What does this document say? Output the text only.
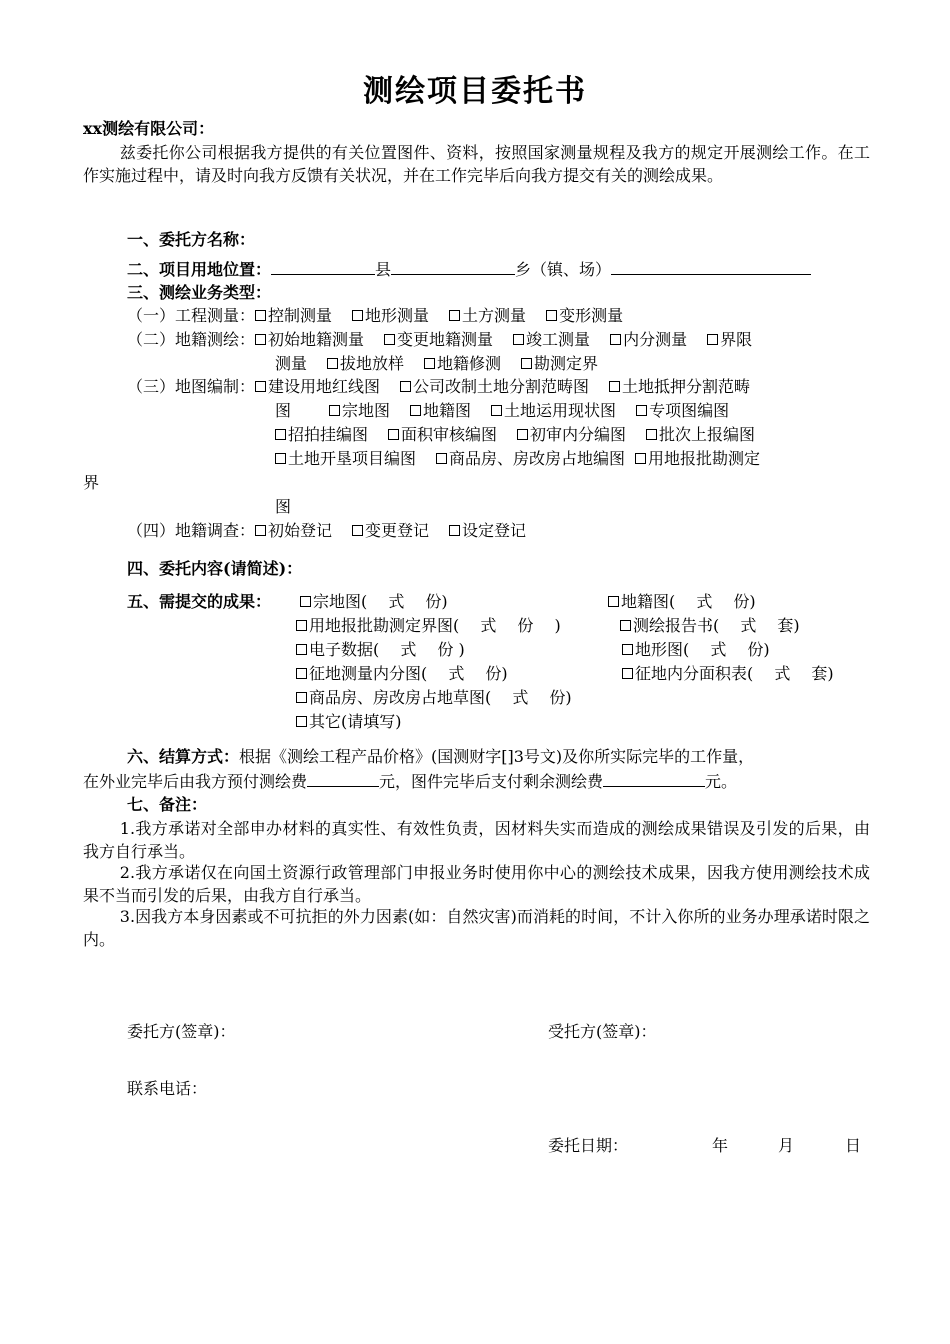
测绘项目委托书
xx测绘有限公司：
兹委托你公司根据我方提供的有关位置图件、资料，按照国家测量规程及我方的规定开展测绘工作。在工作实施过程中，请及时向我方反馈有关状况，并在工作完毕后向我方提交有关的测绘成果。
一、委托方名称：
二、项目用地位置：	县	乡（镇、场）
三、测绘业务类型：
（一）工程测量： 控制测量 地形测量 土方测量 变形测量
（二）地籍测绘： 初始地籍测量 变更地籍测量 竣工测量 内分测量 界限
测量 拔地放样 地籍修测 勘测定界
（三）地图编制： 建设用地红线图 公司改制土地分割范畴图 土地抵押分割范畴
图	宗地图 地籍图 土地运用现状图 专项图编图
招拍挂编图 面积审核编图 初审内分编图 批次上报编图
土地开垦项目编图 商品房、房改房占地编图 用地报批勘测定
界
图
（四）地籍调查： 初始登记 变更登记 设定登记
四、委托内容(请简述)：
五、需提交的成果：	宗地图(　 式　 份)	地籍图(　 式　 份)
用地报批勘测定界图(　 式　 份　 )	测绘报告书(　 式　 套)
电子数据(　 式　 份 )	地形图(　 式　 份)
征地测量内分图(　 式　 份)	征地内分面积表(　 式　 套)
商品房、房改房占地草图(　 式　 份)
其它(请填写)
六、结算方式：根据《测绘工程产品价格》(国测财字[]3号文)及你所实际完毕的工作量，
在外业完毕后由我方预付测绘费	元，图件完毕后支付剩余测绘费	元。
七、备注：
1.我方承诺对全部申办材料的真实性、有效性负责，因材料失实而造成的测绘成果错误及引发的后果，由我方自行承当。
2.我方承诺仅在向国土资源行政管理部门申报业务时使用你中心的测绘技术成果，因我方使用测绘技术成果不当而引发的后果，由我方自行承当。
3.因我方本身因素或不可抗拒的外力因素(如：自然灾害)而消耗的时间，不计入你所的业务办理承诺时限之内。
委托方(签章)：	受托方(签章)：
联系电话：
委托日期：	年	月	日
